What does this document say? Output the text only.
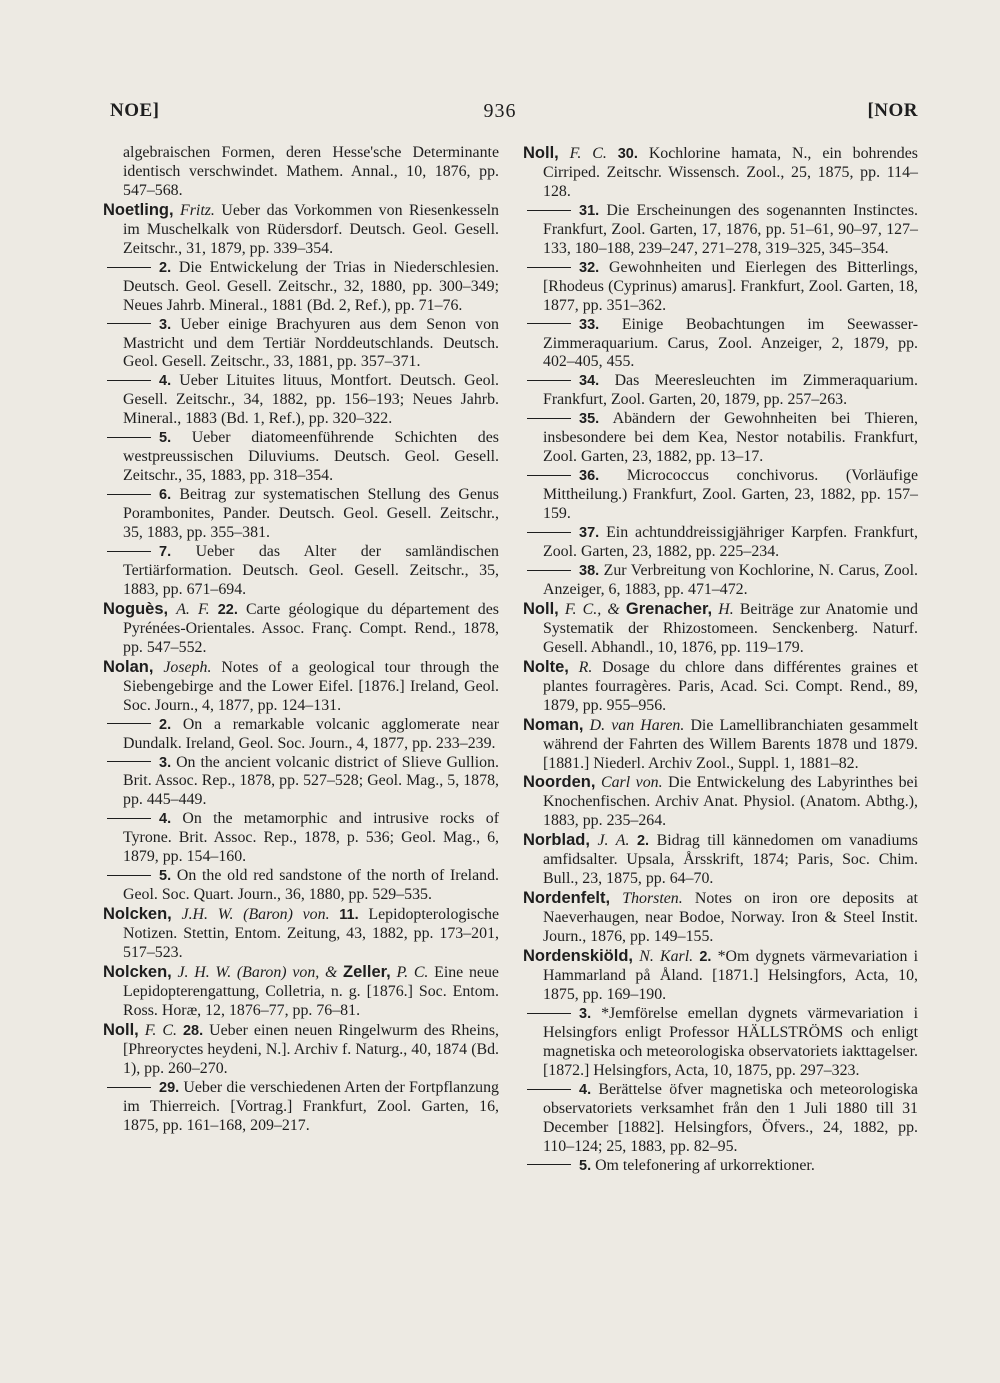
NOE]	936	[NOR

algebraischen Formen, deren Hesse'sche Determinante identisch verschwindet. Mathem. Annal., 10, 1876, pp. 547–568.

Noetling, Fritz. Ueber das Vorkommen von Riesenkesseln im Muschelkalk von Rüdersdorf. Deutsch. Geol. Gesell. Zeitschr., 31, 1879, pp. 339–354.

2. Die Entwickelung der Trias in Niederschlesien. Deutsch. Geol. Gesell. Zeitschr., 32, 1880, pp. 300–349; Neues Jahrb. Mineral., 1881 (Bd. 2, Ref.), pp. 71–76.

3. Ueber einige Brachyuren aus dem Senon von Mastricht und dem Tertiär Norddeutschlands. Deutsch. Geol. Gesell. Zeitschr., 33, 1881, pp. 357–371.

4. Ueber Lituites lituus, Montfort. Deutsch. Geol. Gesell. Zeitschr., 34, 1882, pp. 156–193; Neues Jahrb. Mineral., 1883 (Bd. 1, Ref.), pp. 320–322.

5. Ueber diatomeenführende Schichten des westpreussischen Diluviums. Deutsch. Geol. Gesell. Zeitschr., 35, 1883, pp. 318–354.

6. Beitrag zur systematischen Stellung des Genus Porambonites, Pander. Deutsch. Geol. Gesell. Zeitschr., 35, 1883, pp. 355–381.

7. Ueber das Alter der samländischen Tertiärformation. Deutsch. Geol. Gesell. Zeitschr., 35, 1883, pp. 671–694.

Noguès, A. F. 22. Carte géologique du département des Pyrénées-Orientales. Assoc. Franç. Compt. Rend., 1878, pp. 547–552.

Nolan, Joseph. Notes of a geological tour through the Siebengebirge and the Lower Eifel. [1876.] Ireland, Geol. Soc. Journ., 4, 1877, pp. 124–131.

2. On a remarkable volcanic agglomerate near Dundalk. Ireland, Geol. Soc. Journ., 4, 1877, pp. 233–239.

3. On the ancient volcanic district of Slieve Gullion. Brit. Assoc. Rep., 1878, pp. 527–528; Geol. Mag., 5, 1878, pp. 445–449.

4. On the metamorphic and intrusive rocks of Tyrone. Brit. Assoc. Rep., 1878, p. 536; Geol. Mag., 6, 1879, pp. 154–160.

5. On the old red sandstone of the north of Ireland. Geol. Soc. Quart. Journ., 36, 1880, pp. 529–535.

Nolcken, J.H. W. (Baron) von. 11. Lepidopterologische Notizen. Stettin, Entom. Zeitung, 43, 1882, pp. 173–201, 517–523.

Nolcken, J. H. W. (Baron) von, & Zeller, P. C. Eine neue Lepidopterengattung, Colletria, n. g. [1876.] Soc. Entom. Ross. Horæ, 12, 1876–77, pp. 76–81.

Noll, F. C. 28. Ueber einen neuen Ringelwurm des Rheins, [Phreoryctes heydeni, N.]. Archiv f. Naturg., 40, 1874 (Bd. 1), pp. 260–270.

29. Ueber die verschiedenen Arten der Fortpflanzung im Thierreich. [Vortrag.] Frankfurt, Zool. Garten, 16, 1875, pp. 161–168, 209–217.

Noll, F. C. 30. Kochlorine hamata, N., ein bohrendes Cirriped. Zeitschr. Wissensch. Zool., 25, 1875, pp. 114–128.

31. Die Erscheinungen des sogenannten Instinctes. Frankfurt, Zool. Garten, 17, 1876, pp. 51–61, 90–97, 127–133, 180–188, 239–247, 271–278, 319–325, 345–354.

32. Gewohnheiten und Eierlegen des Bitterlings, [Rhodeus (Cyprinus) amarus]. Frankfurt, Zool. Garten, 18, 1877, pp. 351–362.

33. Einige Beobachtungen im Seewasser-Zimmeraquarium. Carus, Zool. Anzeiger, 2, 1879, pp. 402–405, 455.

34. Das Meeresleuchten im Zimmeraquarium. Frankfurt, Zool. Garten, 20, 1879, pp. 257–263.

35. Abändern der Gewohnheiten bei Thieren, insbesondere bei dem Kea, Nestor notabilis. Frankfurt, Zool. Garten, 23, 1882, pp. 13–17.

36. Micrococcus conchivorus. (Vorläufige Mittheilung.) Frankfurt, Zool. Garten, 23, 1882, pp. 157–159.

37. Ein achtunddreissigjähriger Karpfen. Frankfurt, Zool. Garten, 23, 1882, pp. 225–234.

38. Zur Verbreitung von Kochlorine, N. Carus, Zool. Anzeiger, 6, 1883, pp. 471–472.

Noll, F. C., & Grenacher, H. Beiträge zur Anatomie und Systematik der Rhizostomeen. Senckenberg. Naturf. Gesell. Abhandl., 10, 1876, pp. 119–179.

Nolte, R. Dosage du chlore dans différentes graines et plantes fourragères. Paris, Acad. Sci. Compt. Rend., 89, 1879, pp. 955–956.

Noman, D. van Haren. Die Lamellibranchiaten gesammelt während der Fahrten des Willem Barents 1878 und 1879. [1881.] Niederl. Archiv Zool., Suppl. 1, 1881–82.

Noorden, Carl von. Die Entwickelung des Labyrinthes bei Knochenfischen. Archiv Anat. Physiol. (Anatom. Abthg.), 1883, pp. 235–264.

Norblad, J. A. 2. Bidrag till kännedomen om vanadiums amfidsalter. Upsala, Årsskrift, 1874; Paris, Soc. Chim. Bull., 23, 1875, pp. 64–70.

Nordenfelt, Thorsten. Notes on iron ore deposits at Naeverhaugen, near Bodoe, Norway. Iron & Steel Instit. Journ., 1876, pp. 149–155.

Nordenskiöld, N. Karl. 2. *Om dygnets värmevariation i Hammarland på Åland. [1871.] Helsingfors, Acta, 10, 1875, pp. 169–190.

3. *Jemförelse emellan dygnets värmevariation i Helsingfors enligt Professor HÄLLSTRÖMS och enligt magnetiska och meteorologiska observatoriets iakttagelser. [1872.] Helsingfors, Acta, 10, 1875, pp. 297–323.

4. Berättelse öfver magnetiska och meteorologiska observatoriets verksamhet från den 1 Juli 1880 till 31 December [1882]. Helsingfors, Öfvers., 24, 1882, pp. 110–124; 25, 1883, pp. 82–95.

5. Om telefonering af urkorrektioner.
